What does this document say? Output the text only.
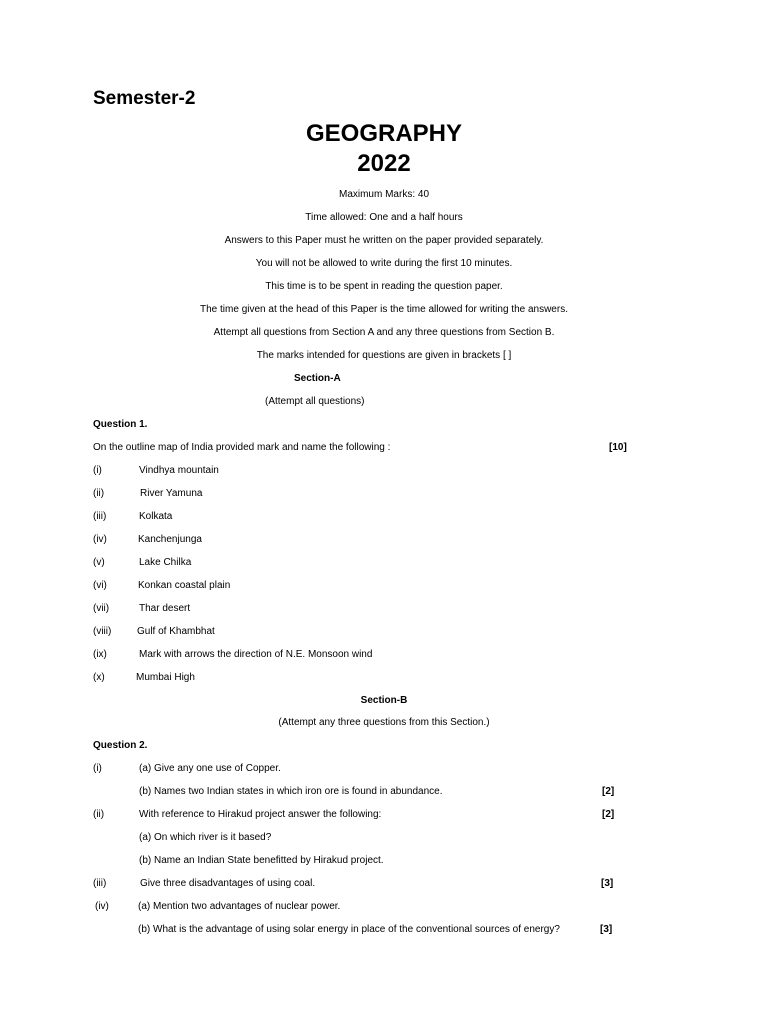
Semester-2
GEOGRAPHY
2022
Maximum Marks: 40
Time allowed: One and a half hours
Answers to this Paper must he written on the paper provided separately.
You will not be allowed to write during the first 10 minutes.
This time is to be spent in reading the question paper.
The time given at the head of this Paper is the time allowed for writing the answers.
Attempt all questions from Section A and any three questions from Section B.
The marks intended for questions are given in brackets [ ]
Section-A
(Attempt all questions)
Question 1.
On the outline map of India provided mark and name the following :	[10]
(i)	Vindhya mountain
(ii)	River Yamuna
(iii)	Kolkata
(iv)	Kanchenjunga
(v)	Lake Chilka
(vi)	Konkan coastal plain
(vii)	Thar desert
(viii)	Gulf of Khambhat
(ix)	Mark with arrows the direction of N.E. Monsoon wind
(x)	Mumbai High
Section-B
(Attempt any three questions from this Section.)
Question 2.
(i)	(a) Give any one use of Copper.
(b) Names two Indian states in which iron ore is found in abundance.	[2]
(ii)	With reference to Hirakud project answer the following:	[2]
(a) On which river is it based?
(b) Name an Indian State benefitted by Hirakud project.
(iii)	Give three disadvantages of using coal.	[3]
(iv)	(a) Mention two advantages of nuclear power.
(b) What is the advantage of using solar energy in place of the conventional sources of energy?	[3]
